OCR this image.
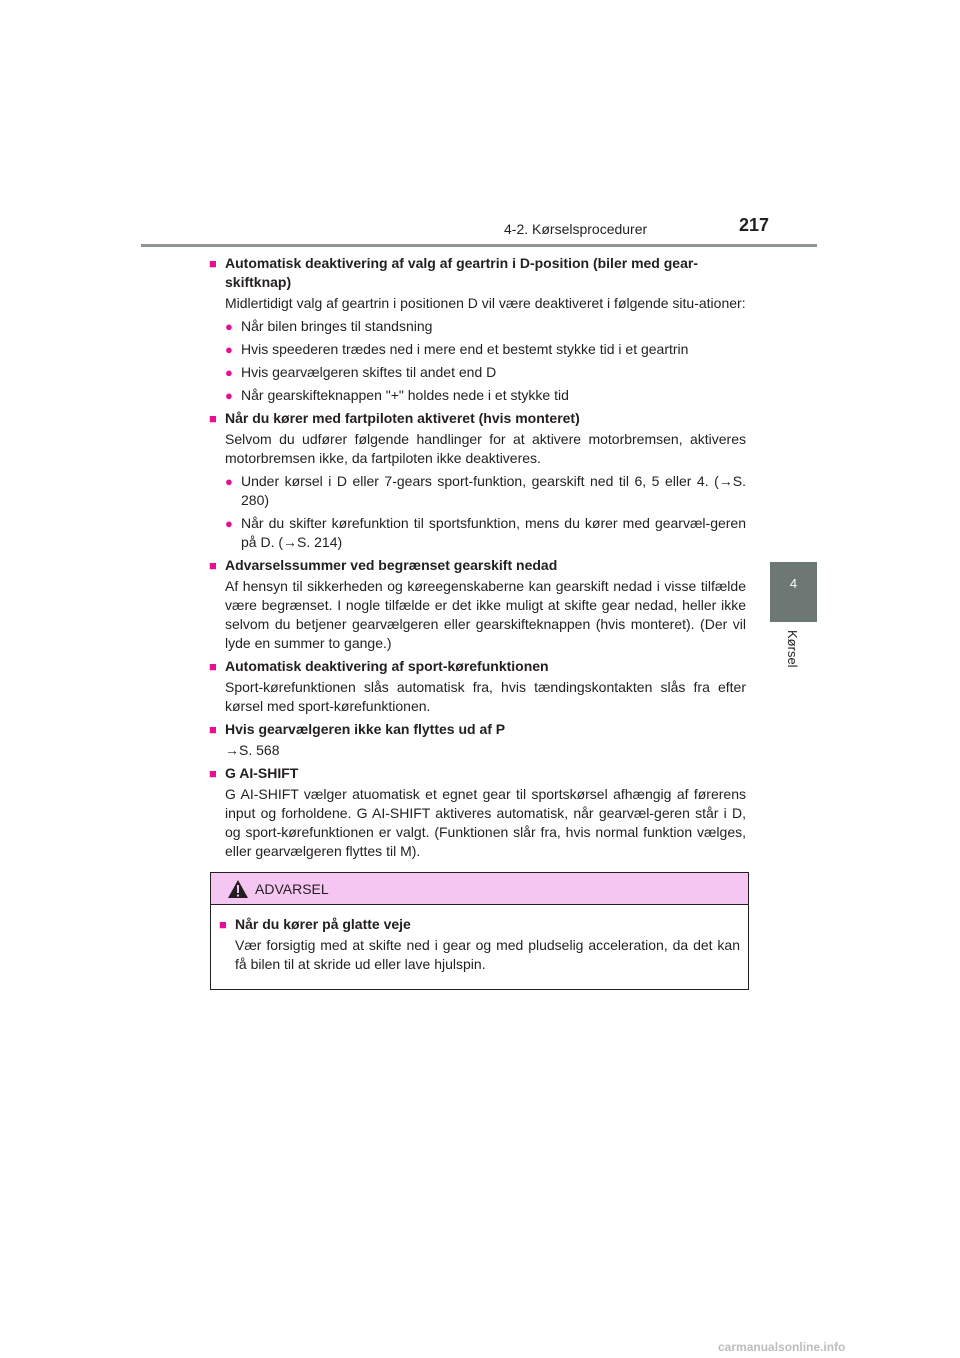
4-2. Kørselsprocedurer	217
4
Kørsel
■ Automatisk deaktivering af valg af geartrin i D-position (biler med gear-skiftknap)
Midlertidigt valg af geartrin i positionen D vil være deaktiveret i følgende situ-ationer:
● Når bilen bringes til standsning
● Hvis speederen trædes ned i mere end et bestemt stykke tid i et geartrin
● Hvis gearvælgeren skiftes til andet end D
● Når gearskifteknappen "+" holdes nede i et stykke tid
■ Når du kører med fartpiloten aktiveret (hvis monteret)
Selvom du udfører følgende handlinger for at aktivere motorbremsen, aktiveres motorbremsen ikke, da fartpiloten ikke deaktiveres.
● Under kørsel i D eller 7-gears sport-funktion, gearskift ned til 6, 5 eller 4. (→S. 280)
● Når du skifter kørefunktion til sportsfunktion, mens du kører med gearvæl-geren på D. (→S. 214)
■ Advarselssummer ved begrænset gearskift nedad
Af hensyn til sikkerheden og køreegenskaberne kan gearskift nedad i visse tilfælde være begrænset. I nogle tilfælde er det ikke muligt at skifte gear nedad, heller ikke selvom du betjener gearvælgeren eller gearskifteknappen (hvis monteret). (Der vil lyde en summer to gange.)
■ Automatisk deaktivering af sport-kørefunktionen
Sport-kørefunktionen slås automatisk fra, hvis tændingskontakten slås fra efter kørsel med sport-kørefunktionen.
■ Hvis gearvælgeren ikke kan flyttes ud af P
→S. 568
■ G AI-SHIFT
G AI-SHIFT vælger atuomatisk et egnet gear til sportskørsel afhængig af førerens input og forholdene. G AI-SHIFT aktiveres automatisk, når gearvæl-geren står i D, og sport-kørefunktionen er valgt. (Funktionen slår fra, hvis normal funktion vælges, eller gearvælgeren flyttes til M).
ADVARSEL
■ Når du kører på glatte veje
Vær forsigtig med at skifte ned i gear og med pludselig acceleration, da det kan få bilen til at skride ud eller lave hjulspin.
carmanualsonline.info
